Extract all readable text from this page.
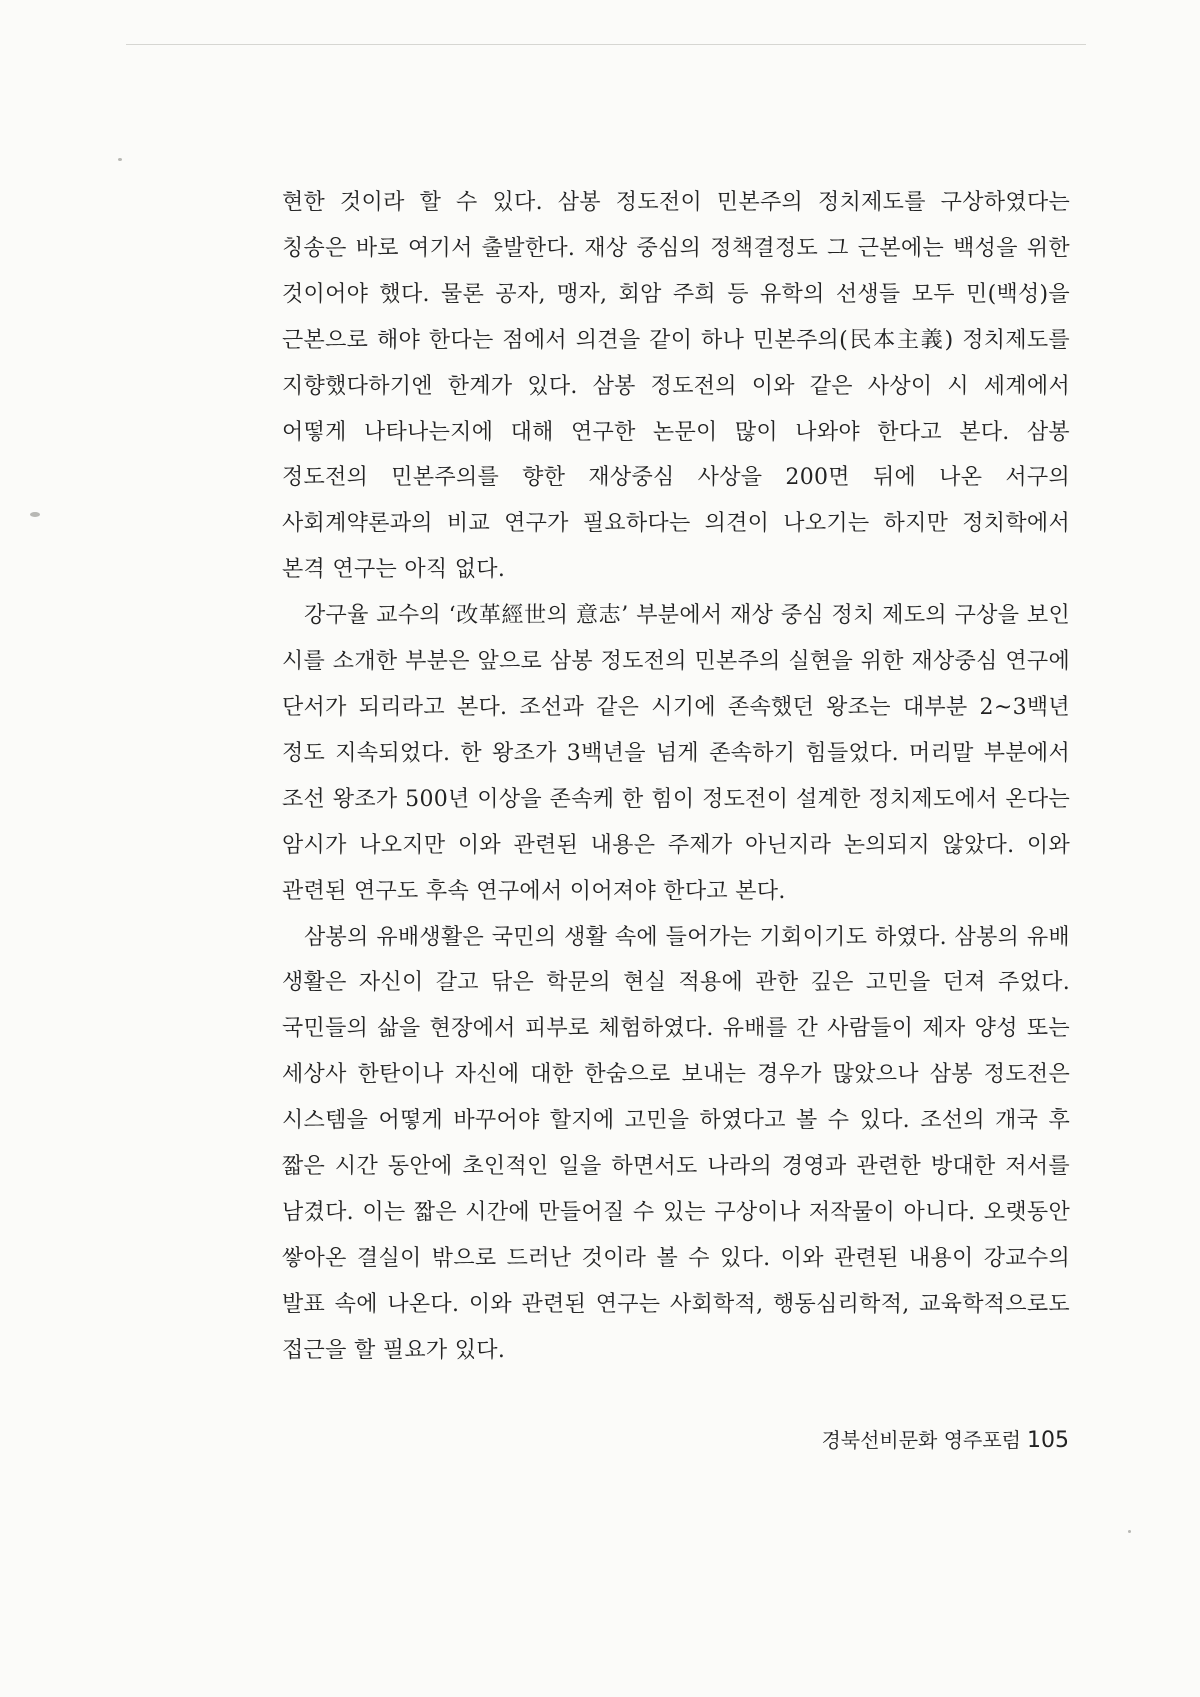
현한 것이라 할 수 있다. 삼봉 정도전이 민본주의 정치제도를 구상하였다는 칭송은 바로 여기서 출발한다. 재상 중심의 정책결정도 그 근본에는 백성을 위한 것이어야 했다. 물론 공자, 맹자, 회암 주희 등 유학의 선생들 모두 민(백성)을 근본으로 해야 한다는 점에서 의견을 같이 하나 민본주의(民本主義) 정치제도를 지향했다하기엔 한계가 있다. 삼봉 정도전의 이와 같은 사상이 시 세계에서 어떻게 나타나는지에 대해 연구한 논문이 많이 나와야 한다고 본다. 삼봉 정도전의 민본주의를 향한 재상중심 사상을 200면 뒤에 나온 서구의 사회계약론과의 비교 연구가 필요하다는 의견이 나오기는 하지만 정치학에서 본격 연구는 아직 없다.

강구율 교수의 ‘改革經世의 意志’ 부분에서 재상 중심 정치 제도의 구상을 보인 시를 소개한 부분은 앞으로 삼봉 정도전의 민본주의 실현을 위한 재상중심 연구에 단서가 되리라고 본다. 조선과 같은 시기에 존속했던 왕조는 대부분 2~3백년 정도 지속되었다. 한 왕조가 3백년을 넘게 존속하기 힘들었다. 머리말 부분에서 조선 왕조가 500년 이상을 존속케 한 힘이 정도전이 설계한 정치제도에서 온다는 암시가 나오지만 이와 관련된 내용은 주제가 아닌지라 논의되지 않았다. 이와 관련된 연구도 후속 연구에서 이어져야 한다고 본다.

삼봉의 유배생활은 국민의 생활 속에 들어가는 기회이기도 하였다. 삼봉의 유배 생활은 자신이 갈고 닦은 학문의 현실 적용에 관한 깊은 고민을 던져 주었다. 국민들의 삶을 현장에서 피부로 체험하였다. 유배를 간 사람들이 제자 양성 또는 세상사 한탄이나 자신에 대한 한숨으로 보내는 경우가 많았으나 삼봉 정도전은 시스템을 어떻게 바꾸어야 할지에 고민을 하였다고 볼 수 있다. 조선의 개국 후 짧은 시간 동안에 초인적인 일을 하면서도 나라의 경영과 관련한 방대한 저서를 남겼다. 이는 짧은 시간에 만들어질 수 있는 구상이나 저작물이 아니다. 오랫동안 쌓아온 결실이 밖으로 드러난 것이라 볼 수 있다. 이와 관련된 내용이 강교수의 발표 속에 나온다. 이와 관련된 연구는 사회학적, 행동심리학적, 교육학적으로도 접근을 할 필요가 있다.

경북선비문화 영주포럼 105
